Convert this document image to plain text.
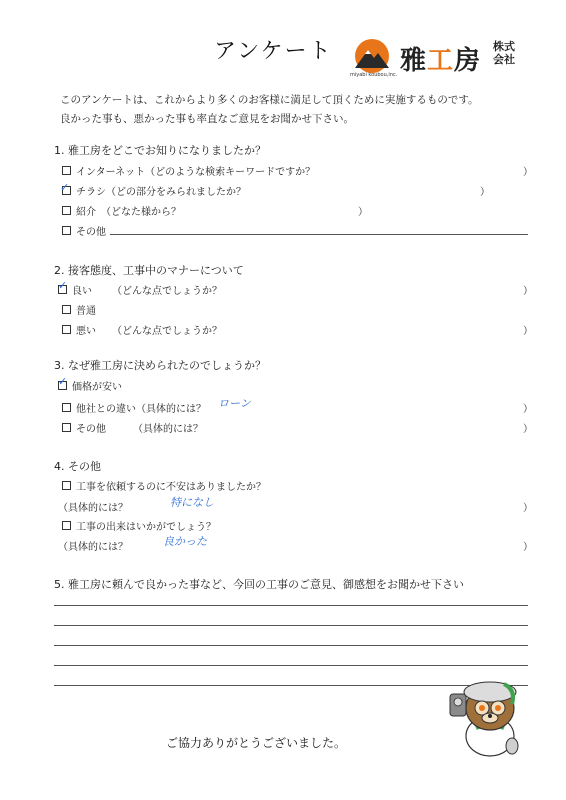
アンケート	雅工房 株式
会社
miyabi koubou,inc.
このアンケートは、これからより多くのお客様に満足して頂くために実施するものです。
良かった事も、悪かった事も率直なご意見をお聞かせ下さい。
1. 雅工房をどこでお知りになりましたか？
インターネット（どのような検索キーワードですか？	）
✓ チラシ（どの部分をみられましたか？	）
紹介　（どなた様から？	）
その他
2. 接客態度、工事中のマナーについて
✓ 良い （どんな点でしょうか？	）
普通
悪い （どんな点でしょうか？	）
3. なぜ雅工房に決められたのでしょうか？
✓ 価格が安い
他社との違い（具体的には？ ローン	）
その他	（具体的には？	）
4. その他
工事を依頼するのに不安はありましたか？
（具体的には？	特になし	）
工事の出来はいかがでしょう？
（具体的には？	良かった	）
5. 雅工房に頼んで良かった事など、今回の工事のご意見、御感想をお聞かせ下さい
ご協力ありがとうございました。
